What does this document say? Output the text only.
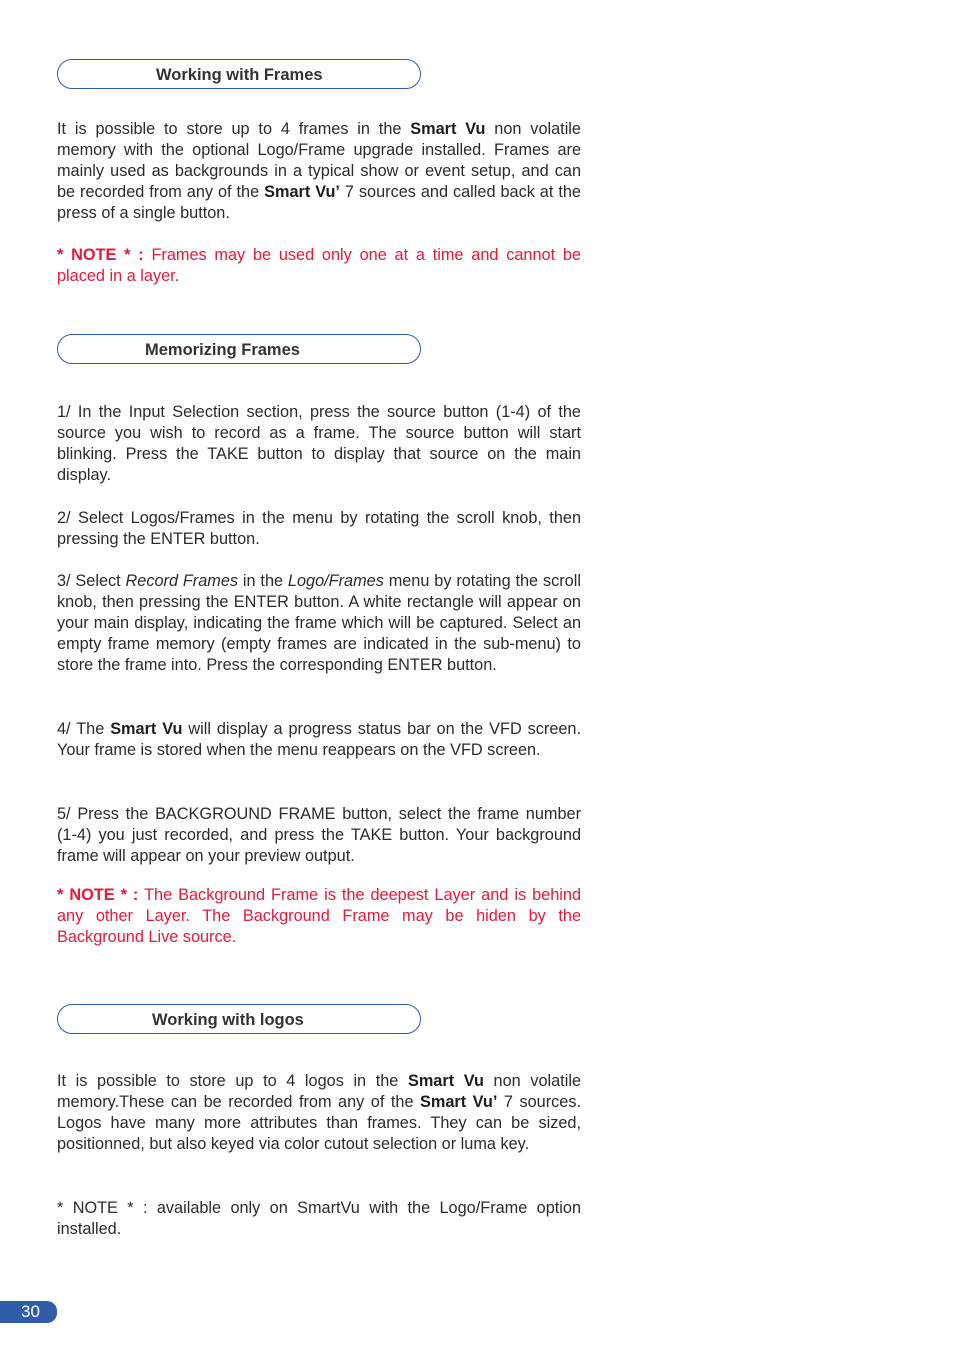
Working with Frames

It is possible to store up to 4 frames in the Smart Vu non volatile memory with the optional Logo/Frame upgrade installed. Frames are mainly used as backgrounds in a typical show or event setup, and can be recorded from any of the Smart Vu’ 7 sources and called back at the press of a single button.

* NOTE * : Frames may be used only one at a time and cannot be placed in a layer.

Memorizing Frames

1/ In the Input Selection section, press the source button (1-4) of the source you wish to record as a frame. The source button will start blinking. Press the TAKE button to display that source on the main display.

2/ Select Logos/Frames in the menu by rotating the scroll knob, then pressing the ENTER button.

3/ Select Record Frames in the Logo/Frames menu by rotating the scroll knob, then pressing the ENTER button. A white rectangle will appear on your main display, indicating the frame which will be captured. Select an empty frame memory (empty frames are indicated in the sub-menu) to store the frame into. Press the corresponding ENTER button.

4/ The Smart Vu will display a progress status bar on the VFD screen. Your frame is stored when the menu reappears on the VFD screen.

5/ Press the BACKGROUND FRAME button, select the frame number (1-4) you just recorded, and press the TAKE button. Your background frame will appear on your preview output.

* NOTE * : The Background Frame is the deepest Layer and is behind any other Layer. The Background Frame may be hiden by the Background Live source.

Working with logos

It is possible to store up to 4 logos in the Smart Vu non volatile memory.These can be recorded from any of the Smart Vu’ 7 sources. Logos have many more attributes than frames. They can be sized, positionned, but also keyed via color cutout selection or luma key.

* NOTE * : available only on SmartVu with the Logo/Frame option installed.

30
